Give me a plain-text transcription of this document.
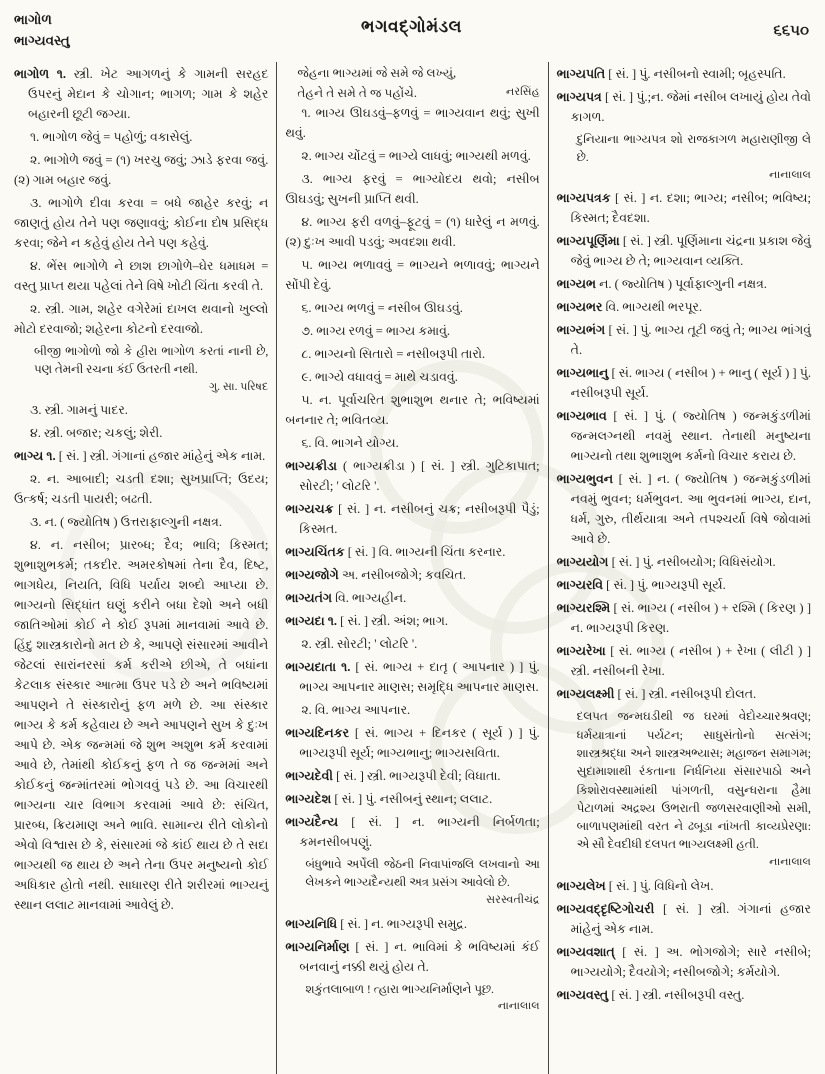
ભાગોળ
ભાગ્યવસ્તુ
ભગવદ્ગોમંડલ	૬૬૫૦

ભાગોળ ૧. સ્ત્રી. ખેટ આગળનું કે ગામની સરહદ ઉપરનું મેદાન કે ચોગાન; ભાગળ; ગામ કે શહેર બહારની છૂટી જગ્યા.

૧. ભાગોળ જેવું = પહોળું; વકાસેલું.

૨. ભાગોળે જવું = (૧) ખરચુ જવું; ઝાડે ફરવા જવું. (૨) ગામ બહાર જવું.

૩. ભાગોળે દીવા કરવા = બધે જાહેર કરવું; ન જાણતું હોય તેને પણ જણાવવું; કોઈના દોષ પ્રસિદ્ધ કરવા; જેને ન કહેવું હોય તેને પણ કહેવું.

૪. ભેંસ ભાગોળે ને છાશ છાગોળે–ઘેર ધમાધમ = વસ્તુ પ્રાપ્ત થયા પહેલાં તેને વિષે ખોટી ચિંતા કરવી તે.

૨. સ્ત્રી. ગામ, શહેર વગેરેમાં દાખલ થવાનો ખુલ્લો મોટો દરવાજો; શહેરના કોટનો દરવાજો.

બીજી ભાગોળો જો કે હીરા ભાગોળ કરતાં નાની છે, પણ તેમની રચના કંઈ ઉતરતી નથી.

ગુ. સા. પરિષદ

૩. સ્ત્રી. ગામનું પાદર.

૪. સ્ત્રી. બજાર; ચકલું; શેરી.

ભાગ્ય ૧. [ સં. ] સ્ત્રી. ગંગાનાં હજાર માંહેનું એક નામ.

૨. ન. આબાદી; ચડતી દશા; સુખપ્રાપ્તિ; ઉદય; ઉત્કર્ષ; ચડતી પાયરી; બઢતી.

૩. ન. ( જ્યોતિષ ) ઉત્તરાફાલ્ગુની નક્ષત્ર.

૪. ન. નસીબ; પ્રારબ્ધ; દૈવ; ભાવિ; કિસ્મત; શુભાશુભકર્મ; તકદીર. અમરકોષમાં તેના દૈવ, દિષ્ટ, ભાગધેય, નિયતિ, વિધિ પર્યાય શબ્દો આપ્યા છે. ભાગ્યનો સિદ્ધાંત ઘણું કરીને બધા દેશો અને બધી જાતિઓમાં કોઈ ને કોઈ રૂપમાં માનવામાં આવે છે. હિંદુ શાસ્ત્રકારોનો મત છે કે, આપણે સંસારમાં આવીને જેટલાં સારાંનરસાં કર્મ કરીએ છીએ, તે બધાંના કેટલાક સંસ્કાર આત્મા ઉપર પડે છે અને ભવિષ્યમાં આપણને તે સંસ્કારોનું ફળ મળે છે. આ સંસ્કાર ભાગ્ય કે કર્મ કહેવાય છે અને આપણને સુખ કે દુઃખ આપે છે. એક જન્મમાં જે શુભ અશુભ કર્મ કરવામાં આવે છે, તેમાંથી કોઈકનું ફળ તે જ જન્મમાં અને કોઈકનું જન્માંતરમાં ભોગવવું પડે છે. આ વિચારથી ભાગ્યના ચાર વિભાગ કરવામાં આવે છે: સંચિત, પ્રારબ્ધ, ક્રિયમાણ અને ભાવિ. સામાન્ય રીતે લોકોનો એવો વિશ્વાસ છે કે, સંસારમાં જે કાંઈ થાય છે તે સદા ભાગ્યથી જ થાય છે અને તેના ઉપર મનુષ્યનો કોઈ અધિકાર હોતો નથી. સાધારણ રીતે શરીરમાં ભાગ્યનું સ્થાન લલાટ માનવામાં આવેલું છે.

જેહના ભાગ્યમાં જે સમે જે લખ્યું,

તેહને તે સમે તે જ પહોંચે.	નરસિંહ

૧. ભાગ્ય ઊઘડવું–ફળવું = ભાગ્યવાન થવું; સુખી થવું.

૨. ભાગ્ય ચોંટવું = ભાગ્યે લાધવું; ભાગ્યથી મળવું.

૩. ભાગ્ય ફરવું = ભાગ્યોદય થવો; નસીબ ઊઘડવું; સુખની પ્રાપ્તિ થવી.

૪. ભાગ્ય ફરી વળવું–ફૂટવું = (૧) ધારેલું ન મળવું. (૨) દુઃખ આવી પડવું; અવદશા થવી.

૫. ભાગ્ય ભળાવવું = ભાગ્યને ભળાવવું; ભાગ્યને સોંપી દેવું.

૬. ભાગ્ય ભળવું = નસીબ ઊઘડવું.

૭. ભાગ્ય રળવું = ભાગ્ય કમાવું.

૮. ભાગ્યનો સિતારો = નસીબરૂપી તારો.

૯. ભાગ્યે વધાવવું = માથે ચડાવવું.

૫. ન. પૂર્વાચરિત શુભાશુભ થનાર તે; ભવિષ્યમાં બનનાર તે; ભવિતવ્ય.

૬. વિ. ભાગને યોગ્ય.

ભાગ્યક્રીડા ( ભાગ્યક્રીડા ) [ સં. ] સ્ત્રી. ગુટિકાપાત; સોરટી; ' લોટરિ '.

ભાગ્યચક્ર [ સં. ] ન. નસીબનું ચક્ર; નસીબરૂપી પૈડું; કિસ્મત.

ભાગ્યચિંતક [ સં. ] વિ. ભાગ્યની ચિંતા કરનાર.

ભાગ્યજોગે અ. નસીબજોગે; કવચિત.

ભાગ્યતંગ વિ. ભાગ્યહીન.

ભાગ્યદા ૧. [ સં. ] સ્ત્રી. અંશ; ભાગ.

૨. સ્ત્રી. સોરટી; ' લોટરિ '.

ભાગ્યદાતા ૧. [ સં. ભાગ્ય + દાતૃ ( આપનાર ) ] પું. ભાગ્ય આપનાર માણસ; સમૃદ્ધિ આપનાર માણસ.

૨. વિ. ભાગ્ય આપનાર.

ભાગ્યદિનકર [ સં. ભાગ્ય + દિનકર ( સૂર્ય ) ] પું. ભાગ્યરૂપી સૂર્ય; ભાગ્યભાનુ; ભાગ્યસવિતા.

ભાગ્યદેવી [ સં. ] સ્ત્રી. ભાગ્યરૂપી દેવી; વિધાતા.

ભાગ્યદેશ [ સં. ] પું. નસીબનું સ્થાન; લલાટ.

ભાગ્યદૈન્ય [ સં. ] ન. ભાગ્યની નિર્બળતા; કમનસીબપણું.

બંધુભાવે અર્પેલી જેઠની નિવાપાંજલિ લખવાનો આ લેખકને ભાગ્યદૈન્યથી અત્ર પ્રસંગ આવેલો છે.

સરસ્વતીચંદ્ર

ભાગ્યનિધિ [ સં. ] ન. ભાગ્યરૂપી સમુદ્ર.

ભાગ્યનિર્માણ [ સં. ] ન. ભાવિમાં કે ભવિષ્યમાં કંઈ બનવાનું નક્કી થયું હોય તે.

શકુંતલાબાળ ! ત્હારા ભાગ્યનિર્માણને પૂછ.

નાનાલાલ

ભાગ્યપતિ [ સં. ] પું. નસીબનો સ્વામી; બૃહસ્પતિ.

ભાગ્યપત્ર [ સં. ] પું.;ન. જેમાં નસીબ લખાયું હોય તેવો કાગળ.

દુનિયાના ભાગ્યપત્ર શો રાજકાગળ મહારાણીજી લે છે.

નાનાલાલ

ભાગ્યપત્રક [ સં. ] ન. દશા; ભાગ્ય; નસીબ; ભવિષ્ય; કિસ્મત; દૈવદશા.

ભાગ્યપૂર્ણિમા [ સં. ] સ્ત્રી. પૂર્ણિમાના ચંદ્રના પ્રકાશ જેવું જેવું ભાગ્ય છે તે; ભાગ્યવાન વ્યક્તિ.

ભાગ્યભ ન. ( જ્યોતિષ ) પૂર્વાફાલ્ગુની નક્ષત્ર.

ભાગ્યભર વિ. ભાગ્યથી ભરપૂર.

ભાગ્યભંગ [ સં. ] પું. ભાગ્ય તૂટી જવું તે; ભાગ્ય ભાંગવું તે.

ભાગ્યભાનુ [ સં. ભાગ્ય ( નસીબ ) + ભાનુ ( સૂર્ય ) ] પું. નસીબરૂપી સૂર્ય.

ભાગ્યભાવ [ સં. ] પું. ( જ્યોતિષ ) જન્મકુંડળીમાં જન્મલગ્નથી નવમું સ્થાન. તેનાથી મનુષ્યના ભાગ્યનો તથા શુભાશુભ કર્મનો વિચાર કરાય છે.

ભાગ્યભુવન [ સં. ] ન. ( જ્યોતિષ ) જન્મકુંડળીમાં નવમું ભુવન; ધર્મભુવન. આ ભુવનમાં ભાગ્ય, દાન, ધર્મ, ગુરુ, તીર્થયાત્રા અને તપશ્ચર્યા વિષે જોવામાં આવે છે.

ભાગ્યયોગ [ સં. ] પું. નસીબયોગ; વિધિસંયોગ.

ભાગ્યરવિ [ સં. ] પું. ભાગ્યરૂપી સૂર્ય.

ભાગ્યરશ્મિ [ સં. ભાગ્ય ( નસીબ ) + રશ્મિ ( કિરણ ) ] ન. ભાગ્યરૂપી કિરણ.

ભાગ્યરેખા [ સં. ભાગ્ય ( નસીબ ) + રેખા ( લીટી ) ] સ્ત્રી. નસીબની રેખા.

ભાગ્યલક્ષ્મી [ સં. ] સ્ત્રી. નસીબરૂપી દોલત.

દલપત જન્મઘડીથી જ ઘરમાં વેદોચ્ચારશ્રવણ; ધર્મયાત્રાનાં પર્યટન; સાધુસંતોનો સત્સંગ; શાસ્ત્રશ્રદ્ધા અને શાસ્ત્રઅભ્યાસ; મહાજન સમાગમ; સુદામાશાથી રંકતાના નિર્ધનિયા સંસારપાઠો અને કિશોરાવસ્થામાંથી પાંગળતી, વસુન્ધરાના હૈમા પેટાળમાં અદ્રશ્ય ઉભરાતી જળસરવાણીઓ સમી, બાળાપણમાંથી વરત ને ઢબૂડા નાંખતી કાવ્યપ્રેરણા: એ સૌ દેવદીધી દલપત ભાગ્યલક્ષ્મી હતી.

નાનાલાલ

ભાગ્યલેખ [ સં. ] પું. વિધિનો લેખ.

ભાગ્યવદ્દૃષ્ટિગોચરી [ સં. ] સ્ત્રી. ગંગાનાં હજાર માંહેનું એક નામ.

ભાગ્યવશાત્ [ સં. ] અ. ભોગજોગે; સારે નસીબે; ભાગ્યયોગે; દૈવયોગે; નસીબજોગે; કર્મયોગે.

ભાગ્યવસ્તુ [ સં. ] સ્ત્રી. નસીબરૂપી વસ્તુ.
